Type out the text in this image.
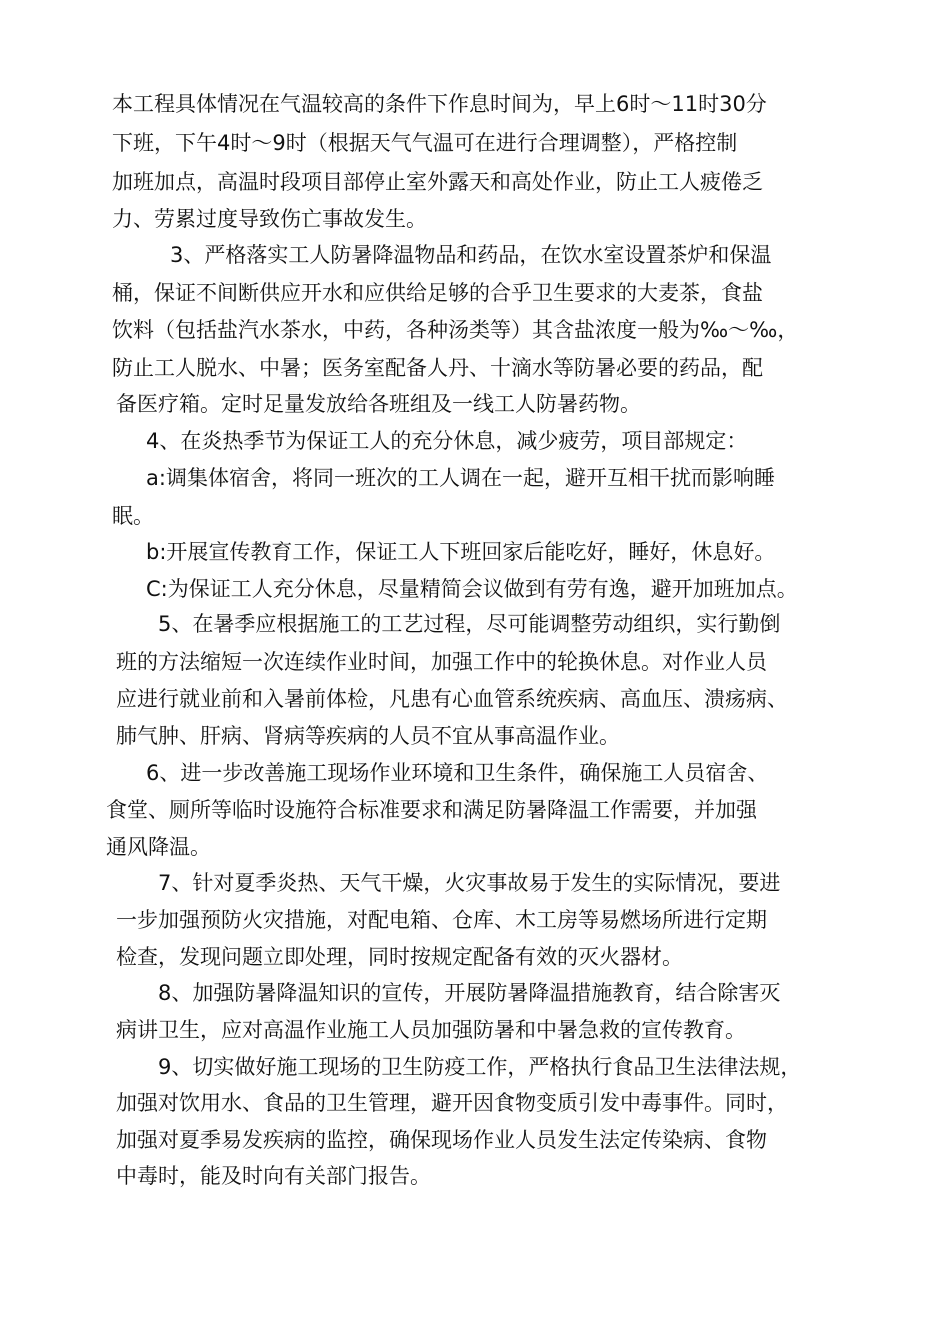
本工程具体情况在气温较高的条件下作息时间为，早上6时～11时30分
下班，下午4时～9时（根据天气气温可在进行合理调整），严格控制
加班加点，高温时段项目部停止室外露天和高处作业，防止工人疲倦乏
力、劳累过度导致伤亡事故发生。
3、严格落实工人防暑降温物品和药品，在饮水室设置茶炉和保温
桶，保证不间断供应开水和应供给足够的合乎卫生要求的大麦茶，食盐
饮料（包括盐汽水茶水，中药，各种汤类等）其含盐浓度一般为‰～‰，
防止工人脱水、中暑；医务室配备人丹、十滴水等防暑必要的药品，配
备医疗箱。定时足量发放给各班组及一线工人防暑药物。
4、在炎热季节为保证工人的充分休息，减少疲劳，项目部规定：
a:调集体宿舍，将同一班次的工人调在一起，避开互相干扰而影响睡
眠。
b:开展宣传教育工作，保证工人下班回家后能吃好，睡好，休息好。
C:为保证工人充分休息，尽量精简会议做到有劳有逸，避开加班加点。
5、在暑季应根据施工的工艺过程，尽可能调整劳动组织，实行勤倒
班的方法缩短一次连续作业时间，加强工作中的轮换休息。对作业人员
应进行就业前和入暑前体检，凡患有心血管系统疾病、高血压、溃疡病、
肺气肿、肝病、肾病等疾病的人员不宜从事高温作业。
6、进一步改善施工现场作业环境和卫生条件，确保施工人员宿舍、
食堂、厕所等临时设施符合标准要求和满足防暑降温工作需要，并加强
通风降温。
7、针对夏季炎热、天气干燥，火灾事故易于发生的实际情况，要进
一步加强预防火灾措施，对配电箱、仓库、木工房等易燃场所进行定期
检查，发现问题立即处理，同时按规定配备有效的灭火器材。
8、加强防暑降温知识的宣传，开展防暑降温措施教育，结合除害灭
病讲卫生，应对高温作业施工人员加强防暑和中暑急救的宣传教育。
9、切实做好施工现场的卫生防疫工作，严格执行食品卫生法律法规，
加强对饮用水、食品的卫生管理，避开因食物变质引发中毒事件。同时，
加强对夏季易发疾病的监控，确保现场作业人员发生法定传染病、食物
中毒时，能及时向有关部门报告。
